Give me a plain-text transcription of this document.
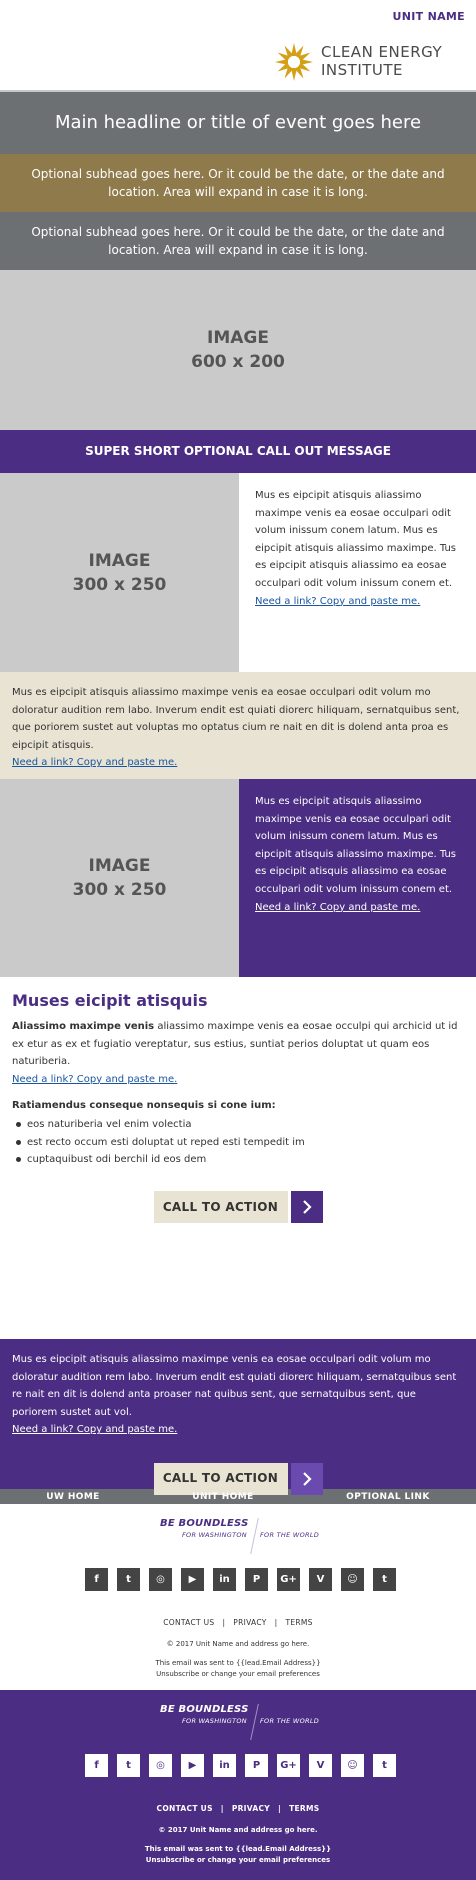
UNIT NAME
CLEAN ENERGY
INSTITUTE
Main headline or title of event goes here
Optional subhead goes here. Or it could be the date, or the date and location. Area will expand in case it is long.
Optional subhead goes here. Or it could be the date, or the date and location. Area will expand in case it is long.
IMAGE
600 x 200
SUPER SHORT OPTIONAL CALL OUT MESSAGE
IMAGE
300 x 250
Mus es eipcipit atisquis aliassimo maximpe venis ea eosae occulpari odit volum inissum conem latum. Mus es eipcipit atisquis aliassimo maximpe. Tus es eipcipit atisquis aliassimo ea eosae occulpari odit volum inissum conem et.
Need a link? Copy and paste me.
Mus es eipcipit atisquis aliassimo maximpe venis ea eosae occulpari odit volum mo doloratur audition rem labo. Inverum endit est quiati diorerc hiliquam, sernatquibus sent, que poriorem sustet aut voluptas mo optatus cium re nait en dit is dolend anta proa es eipcipit atisquis.
Need a link? Copy and paste me.
IMAGE
300 x 250
Mus es eipcipit atisquis aliassimo maximpe venis ea eosae occulpari odit volum inissum conem latum. Mus es eipcipit atisquis aliassimo maximpe. Tus es eipcipit atisquis aliassimo ea eosae occulpari odit volum inissum conem et.
Need a link? Copy and paste me.
Muses eicipit atisquis

Aliassimo maximpe venis aliassimo maximpe venis ea eosae occulpi qui archicid ut id ex etur as ex et fugiatio vereptatur, sus estius, suntiat perios doluptat ut quam eos naturiberia.
Need a link? Copy and paste me.

Ratiamendus conseque nonsequis si cone ium:
eos naturiberia vel enim volectia
est recto occum esti doluptat ut reped esti tempedit im
cuptaquibust odi berchil id eos dem
CALL TO ACTION
Mus es eipcipit atisquis aliassimo maximpe venis ea eosae occulpari odit volum mo doloratur audition rem labo. Inverum endit est quiati diorerc hiliquam, sernatquibus sent re nait en dit is dolend anta proaser nat quibus sent, que sernatquibus sent, que poriorem sustet aut vol.
Need a link? Copy and paste me.
CALL TO ACTION
UW HOME	UNIT HOME	OPTIONAL LINK
BE BOUNDLESS
FOR WASHINGTON FOR THE WORLD
f	t	◎	▶	in	P	G+	V	☺	t
CONTACT US | PRIVACY | TERMS
© 2017 Unit Name and address go here.
This email was sent to {{lead.Email Address}}
Unsubscribe or change your email preferences
BE BOUNDLESS
FOR WASHINGTON FOR THE WORLD
f	t	◎	▶	in	P	G+	V	☺	t
CONTACT US | PRIVACY | TERMS
© 2017 Unit Name and address go here.
This email was sent to {{lead.Email Address}}
Unsubscribe or change your email preferences
